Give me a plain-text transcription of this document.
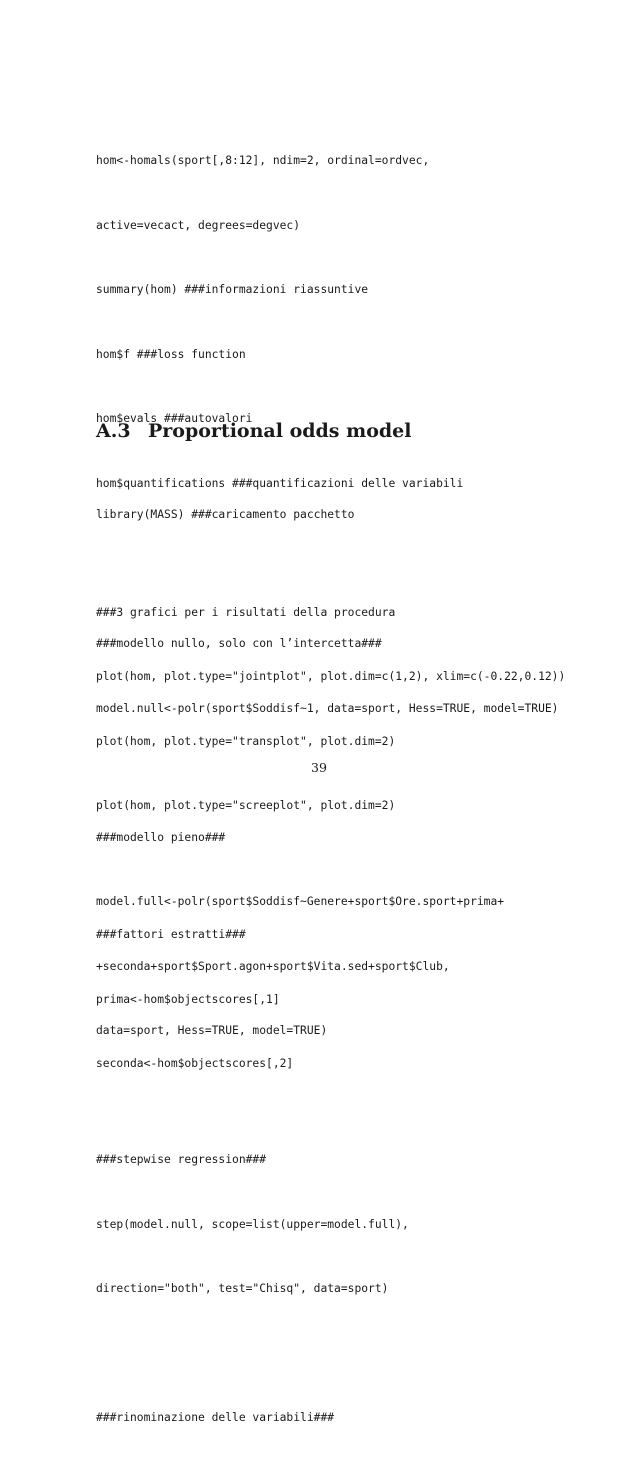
hom<-homals(sport[,8:12], ndim=2, ordinal=ordvec,

active=vecact, degrees=degvec)

summary(hom) ###informazioni riassuntive

hom$f ###loss function

hom$evals ###autovalori

hom$quantifications ###quantificazioni delle variabili

###3 grafici per i risultati della procedura

plot(hom, plot.type="jointplot", plot.dim=c(1,2), xlim=c(-0.22,0.12))

plot(hom, plot.type="transplot", plot.dim=2)

plot(hom, plot.type="screeplot", plot.dim=2)

###fattori estratti###

prima<-hom$objectscores[,1]

seconda<-hom$objectscores[,2]

A.3 Proportional odds model

library(MASS) ###caricamento pacchetto

###modello nullo, solo con l’intercetta###

model.null<-polr(sport$Soddisf~1, data=sport, Hess=TRUE, model=TRUE)

###modello pieno###

model.full<-polr(sport$Soddisf~Genere+sport$Ore.sport+prima+

+seconda+sport$Sport.agon+sport$Vita.sed+sport$Club,

data=sport, Hess=TRUE, model=TRUE)

###stepwise regression###

step(model.null, scope=list(upper=model.full),

direction="both", test="Chisq", data=sport)

###rinominazione delle variabili###

39
